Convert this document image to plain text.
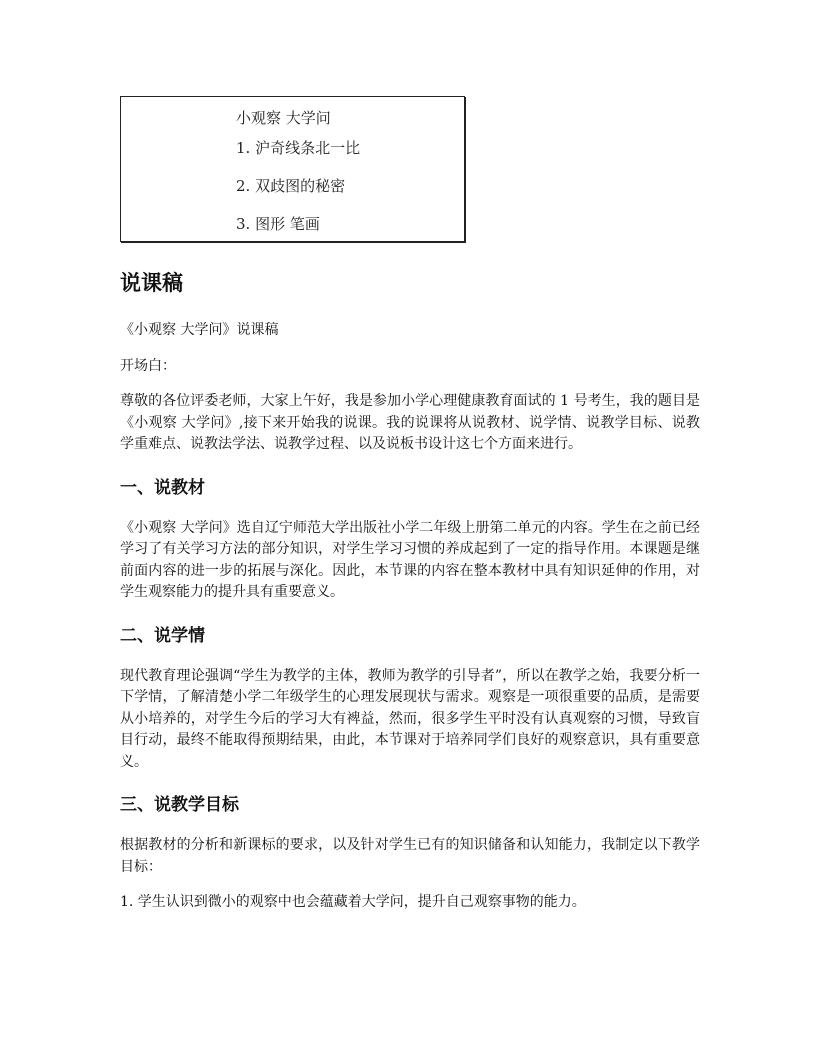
小观察 大学问
1. 沪奇线条北一比
2. 双歧图的秘密
3. 图形 笔画
说课稿

《小观察 大学问》说课稿

开场白：

尊敬的各位评委老师，大家上午好，我是参加小学心理健康教育面试的 1 号考生，我的题目是《小观察 大学问》,接下来开始我的说课。我的说课将从说教材、说学情、说教学目标、说教学重难点、说教法学法、说教学过程、以及说板书设计这七个方面来进行。

一、说教材

《小观察 大学问》选自辽宁师范大学出版社小学二年级上册第二单元的内容。学生在之前已经学习了有关学习方法的部分知识，对学生学习习惯的养成起到了一定的指导作用。本课题是继前面内容的进一步的拓展与深化。因此，本节课的内容在整本教材中具有知识延伸的作用，对学生观察能力的提升具有重要意义。

二、说学情

现代教育理论强调“学生为教学的主体，教师为教学的引导者”，所以在教学之始，我要分析一下学情，了解清楚小学二年级学生的心理发展现状与需求。观察是一项很重要的品质，是需要从小培养的，对学生今后的学习大有裨益，然而，很多学生平时没有认真观察的习惯，导致盲目行动，最终不能取得预期结果，由此，本节课对于培养同学们良好的观察意识，具有重要意义。

三、说教学目标

根据教材的分析和新课标的要求，以及针对学生已有的知识储备和认知能力，我制定以下教学目标：

1. 学生认识到微小的观察中也会蕴藏着大学问，提升自己观察事物的能力。
